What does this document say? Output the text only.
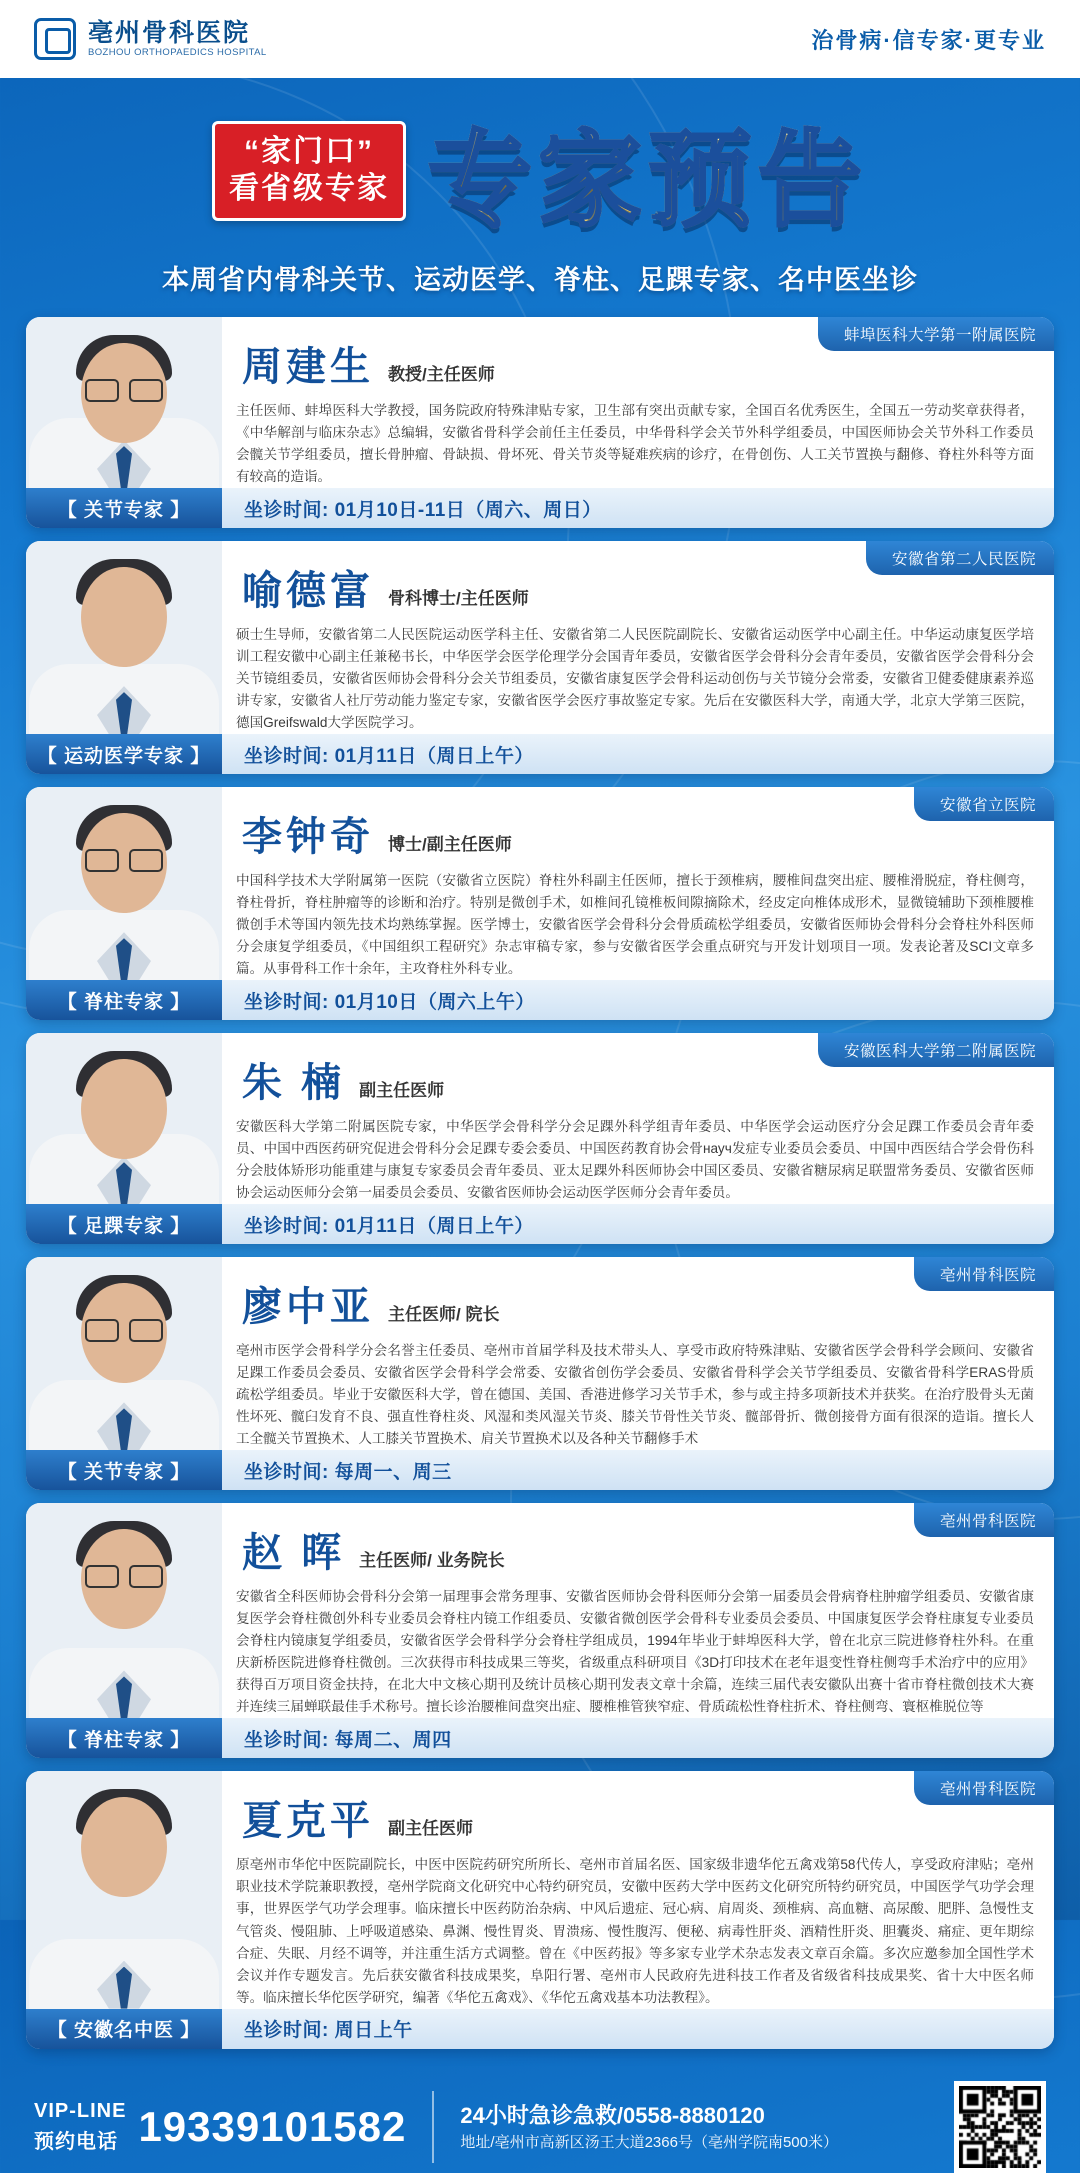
亳州骨科医院
BOZHOU ORTHOPAEDICS HOSPITAL
治骨病·信专家·更专业
“家门口”
看省级专家 专家预告
本周省内骨科关节、运动医学、脊柱、足踝专家、名中医坐诊
蚌埠医科大学第一附属医院
周建生 教授/主任医师
主任医师、蚌埠医科大学教授，国务院政府特殊津贴专家，卫生部有突出贡献专家，全国百名优秀医生，全国五一劳动奖章获得者，《中华解剖与临床杂志》总编辑，安徽省骨科学会前任主任委员，中华骨科学会关节外科学组委员，中国医师协会关节外科工作委员会髋关节学组委员，擅长骨肿瘤、骨缺损、骨坏死、骨关节炎等疑难疾病的诊疗，在骨创伤、人工关节置换与翻修、脊柱外科等方面有较高的造诣。
【 关节专家 】	坐诊时间: 01月10日-11日（周六、周日）
安徽省第二人民医院
喻德富 骨科博士/主任医师
硕士生导师，安徽省第二人民医院运动医学科主任、安徽省第二人民医院副院长、安徽省运动医学中心副主任。中华运动康复医学培训工程安徽中心副主任兼秘书长，中华医学会医学伦理学分会国青年委员，安徽省医学会骨科分会青年委员，安徽省医学会骨科分会关节镜组委员，安徽省医师协会骨科分会关节组委员，安徽省康复医学会骨科运动创伤与关节镜分会常委，安徽省卫健委健康素养巡讲专家，安徽省人社厅劳动能力鉴定专家，安徽省医学会医疗事故鉴定专家。先后在安徽医科大学，南通大学，北京大学第三医院，德国Greifswald大学医院学习。
【 运动医学专家 】	坐诊时间: 01月11日（周日上午）
安徽省立医院
李钟奇 博士/副主任医师
中国科学技术大学附属第一医院（安徽省立医院）脊柱外科副主任医师，擅长于颈椎病，腰椎间盘突出症、腰椎滑脱症，脊柱侧弯，脊柱骨折，脊柱肿瘤等的诊断和治疗。特别是微创手术，如椎间孔镜椎板间隙摘除术，经皮定向椎体成形术，显微镜辅助下颈椎腰椎微创手术等国内领先技术均熟练掌握。医学博士，安徽省医学会骨科分会骨质疏松学组委员，安徽省医师协会骨科分会脊柱外科医师分会康复学组委员，《中国组织工程研究》杂志审稿专家，参与安徽省医学会重点研究与开发计划项目一项。发表论著及SCI文章多篇。从事骨科工作十余年，主攻脊柱外科专业。
【 脊柱专家 】	坐诊时间: 01月10日（周六上午）
安徽医科大学第二附属医院
朱 楠 副主任医师
安徽医科大学第二附属医院专家，中华医学会骨科学分会足踝外科学组青年委员、中华医学会运动医疗分会足踝工作委员会青年委员、中国中西医药研究促进会骨科分会足踝专委会委员、中国医药教育协会骨науч发症专业委员会委员、中国中西医结合学会骨伤科分会肢体矫形功能重建与康复专家委员会青年委员、亚太足踝外科医师协会中国区委员、安徽省糖尿病足联盟常务委员、安徽省医师协会运动医师分会第一届委员会委员、安徽省医师协会运动医学医师分会青年委员。
【 足踝专家 】	坐诊时间: 01月11日（周日上午）
亳州骨科医院
廖中亚 主任医师/ 院长
亳州市医学会骨科学分会名誉主任委员、亳州市首届学科及技术带头人、享受市政府特殊津贴、安徽省医学会骨科学会顾问、安徽省足踝工作委员会委员、安徽省医学会骨科学会常委、安徽省创伤学会委员、安徽省骨科学会关节学组委员、安徽省骨科学ERAS骨质疏松学组委员。毕业于安徽医科大学，曾在德国、美国、香港进修学习关节手术，参与或主持多项新技术并获奖。在治疗股骨头无菌性坏死、髋臼发育不良、强直性脊柱炎、风湿和类风湿关节炎、膝关节骨性关节炎、髋部骨折、微创接骨方面有很深的造诣。擅长人工全髋关节置换术、人工膝关节置换术、肩关节置换术以及各种关节翻修手术
【 关节专家 】	坐诊时间: 每周一、周三
亳州骨科医院
赵 晖 主任医师/ 业务院长
安徽省全科医师协会骨科分会第一届理事会常务理事、安徽省医师协会骨科医师分会第一届委员会骨病脊柱肿瘤学组委员、安徽省康复医学会脊柱微创外科专业委员会脊柱内镜工作组委员、安徽省微创医学会骨科专业委员会委员、中国康复医学会脊柱康复专业委员会脊柱内镜康复学组委员，安徽省医学会骨科学分会脊柱学组成员，1994年毕业于蚌埠医科大学，曾在北京三院进修脊柱外科。在重庆新桥医院进修脊柱微创。三次获得市科技成果三等奖，省级重点科研项目《3D打印技术在老年退变性脊柱侧弯手术治疗中的应用》获得百万项目资金扶持，在北大中文核心期刊及统计员核心期刊发表文章十余篇，连续三届代表安徽队出赛十省市脊柱微创技术大赛并连续三届蝉联最佳手术称号。擅长诊治腰椎间盘突出症、腰椎椎管狭窄症、骨质疏松性脊柱折术、脊柱侧弯、寰枢椎脱位等
【 脊柱专家 】	坐诊时间: 每周二、周四
亳州骨科医院
夏克平 副主任医师
原亳州市华佗中医院副院长，中医中医院药研究所所长、亳州市首届名医、国家级非遗华佗五禽戏第58代传人，享受政府津贴；亳州职业技术学院兼职教授，亳州学院商文化研究中心特约研究员，安徽中医药大学中医药文化研究所特约研究员，中国医学气功学会理事，世界医学气功学会理事。临床擅长中医药防治杂病、中风后遗症、冠心病、肩周炎、颈椎病、高血糖、高尿酸、肥胖、急慢性支气管炎、慢阻肺、上呼吸道感染、鼻渊、慢性胃炎、胃溃疡、慢性腹泻、便秘、病毒性肝炎、酒精性肝炎、胆囊炎、痛症、更年期综合症、失眠、月经不调等，并注重生活方式调整。曾在《中医药报》等多家专业学术杂志发表文章百余篇。多次应邀参加全国性学术会议并作专题发言。先后获安徽省科技成果奖，阜阳行署、亳州市人民政府先进科技工作者及省级省科技成果奖、省十大中医名师等。临床擅长华佗医学研究，编著《华佗五禽戏》、《华佗五禽戏基本功法教程》。
【 安徽名中医 】	坐诊时间: 周日上午
VIP-LINE
预约电话 19339101582 24小时急诊急救/0558-8880120
地址/亳州市高新区汤王大道2366号（亳州学院南500米）
